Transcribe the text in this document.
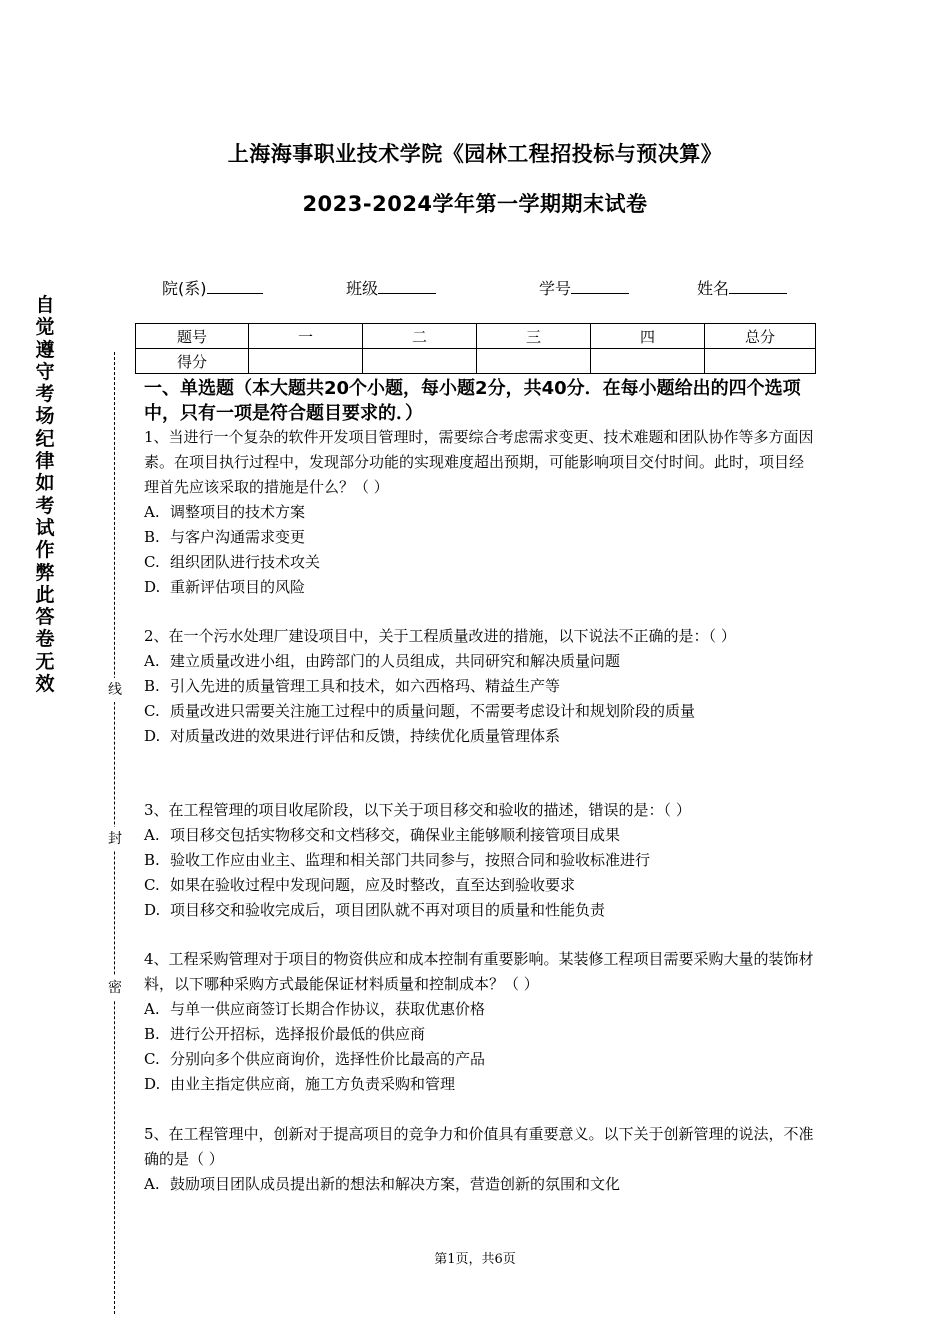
上海海事职业技术学院《园林工程招投标与预决算》
2023-2024学年第一学期期末试卷
院(系)	班级	学号	姓名
题号	一	二	三	四	总分
得分					
自
觉
遵
守
考
场
纪
律
如
考
试
作
弊
此
答
卷
无
效	线
封
密
一、单选题（本大题共20个小题，每小题2分，共40分．在每小题给出的四个选项中，只有一项是符合题目要求的．）
1、当进行一个复杂的软件开发项目管理时，需要综合考虑需求变更、技术难题和团队协作等多方面因素。在项目执行过程中，发现部分功能的实现难度超出预期，可能影响项目交付时间。此时，项目经理首先应该采取的措施是什么？（ ）
A. 调整项目的技术方案
B. 与客户沟通需求变更
C. 组织团队进行技术攻关
D. 重新评估项目的风险
2、在一个污水处理厂建设项目中，关于工程质量改进的措施，以下说法不正确的是：（ ）
A. 建立质量改进小组，由跨部门的人员组成，共同研究和解决质量问题
B. 引入先进的质量管理工具和技术，如六西格玛、精益生产等
C. 质量改进只需要关注施工过程中的质量问题，不需要考虑设计和规划阶段的质量
D. 对质量改进的效果进行评估和反馈，持续优化质量管理体系
3、在工程管理的项目收尾阶段，以下关于项目移交和验收的描述，错误的是：（ ）
A. 项目移交包括实物移交和文档移交，确保业主能够顺利接管项目成果
B. 验收工作应由业主、监理和相关部门共同参与，按照合同和验收标准进行
C. 如果在验收过程中发现问题，应及时整改，直至达到验收要求
D. 项目移交和验收完成后，项目团队就不再对项目的质量和性能负责
4、工程采购管理对于项目的物资供应和成本控制有重要影响。某装修工程项目需要采购大量的装饰材料，以下哪种采购方式最能保证材料质量和控制成本？（ ）
A. 与单一供应商签订长期合作协议，获取优惠价格
B. 进行公开招标，选择报价最低的供应商
C. 分别向多个供应商询价，选择性价比最高的产品
D. 由业主指定供应商，施工方负责采购和管理
5、在工程管理中，创新对于提高项目的竞争力和价值具有重要意义。以下关于创新管理的说法，不准确的是（ ）
A. 鼓励项目团队成员提出新的想法和解决方案，营造创新的氛围和文化
第1页，共6页
